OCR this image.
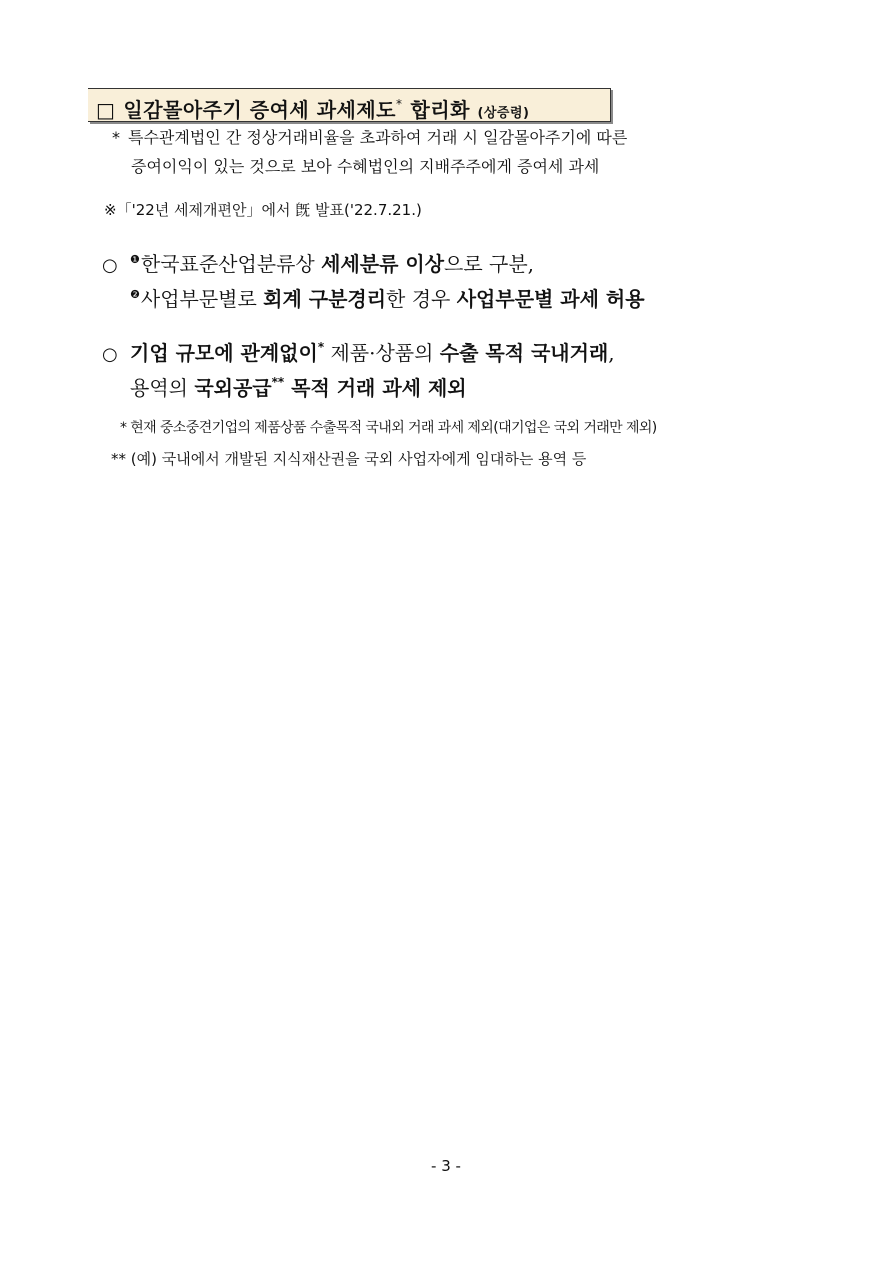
□ 일감몰아주기 증여세 과세제도* 합리화 (상증령)
* 특수관계법인 간 정상거래비율을 초과하여 거래 시 일감몰아주기에 따른
증여이익이 있는 것으로 보아 수혜법인의 지배주주에게 증여세 과세
※「'22년 세제개편안」에서 旣 발표('22.7.21.)
○ $^❶$한국표준산업분류상 세세분류 이상으로 구분,
$^❷$사업부문별로 회계 구분경리한 경우 사업부문별 과세 허용
○ 기업 규모에 관계없이* 제품·상품의 수출 목적 국내거래,
용역의 국외공급** 목적 거래 과세 제외
* 현재 중소중견기업의 제품상품 수출목적 국내외 거래 과세 제외(대기업은 국외 거래만 제외)
** (예) 국내에서 개발된 지식재산권을 국외 사업자에게 임대하는 용역 등
- 3 -
